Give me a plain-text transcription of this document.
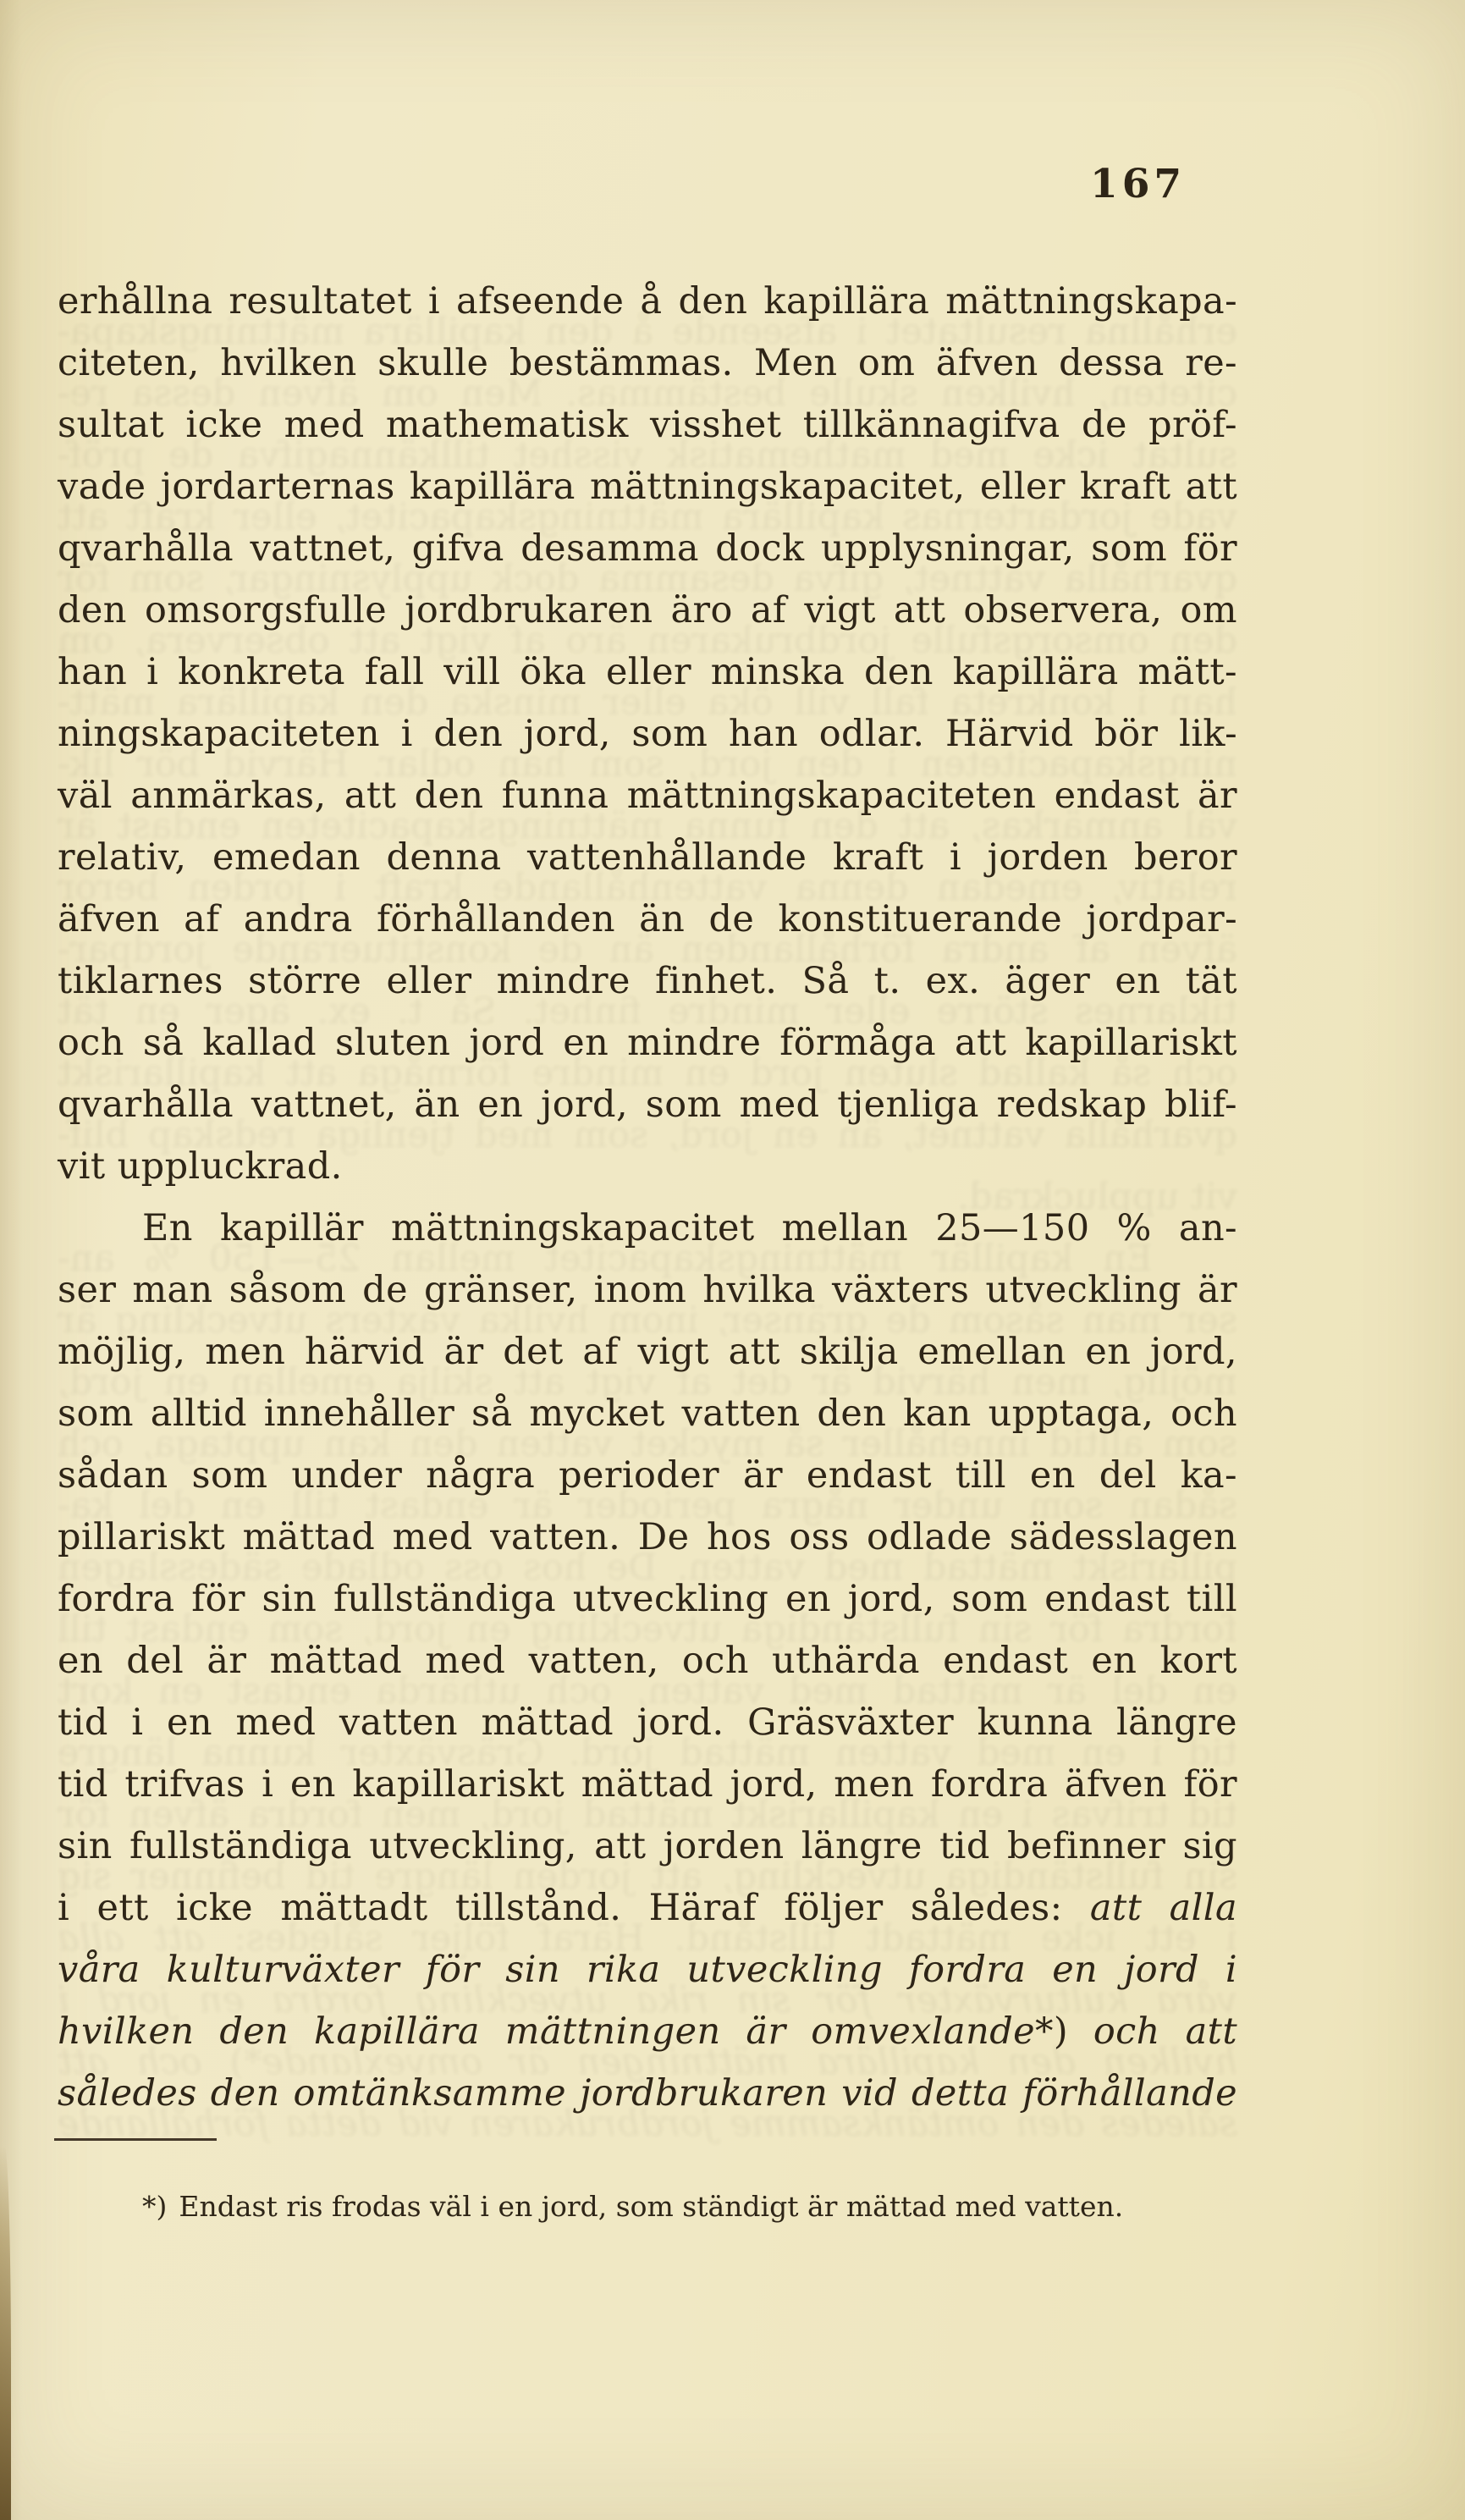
erhållna resultatet i afseende å den kapillära mättningskapa-
citeten, hvilken skulle bestämmas. Men om äfven dessa re-
sultat icke med mathematisk visshet tillkännagifva de pröf-
vade jordarternas kapillära mättningskapacitet, eller kraft att
qvarhålla vattnet, gifva desamma dock upplysningar, som för
den omsorgsfulle jordbrukaren äro af vigt att observera, om
han i konkreta fall vill öka eller minska den kapillära mätt-
ningskapaciteten i den jord, som han odlar. Härvid bör lik-
väl anmärkas, att den funna mättningskapaciteten endast är
relativ, emedan denna vattenhållande kraft i jorden beror
äfven af andra förhållanden än de konstituerande jordpar-
tiklarnes större eller mindre finhet. Så t. ex. äger en tät
och så kallad sluten jord en mindre förmåga att kapillariskt
qvarhålla vattnet, än en jord, som med tjenliga redskap blif-
vit uppluckrad.
En kapillär mättningskapacitet mellan 25—150 % an-
ser man såsom de gränser, inom hvilka växters utveckling är
möjlig, men härvid är det af vigt att skilja emellan en jord,
som alltid innehåller så mycket vatten den kan upptaga, och
sådan som under några perioder är endast till en del ka-
pillariskt mättad med vatten. De hos oss odlade sädesslagen
fordra för sin fullständiga utveckling en jord, som endast till
en del är mättad med vatten, och uthärda endast en kort
tid i en med vatten mättad jord. Gräsväxter kunna längre
tid trifvas i en kapillariskt mättad jord, men fordra äfven för
sin fullständiga utveckling, att jorden längre tid befinner sig
i ett icke mättadt tillstånd. Häraf följer således: att alla
våra kulturväxter för sin rika utveckling fordra en jord i
hvilken den kapillära mättningen är omvexlande*) och att
således den omtänksamme jordbrukaren vid detta förhållande
167
erhållna resultatet i afseende å den kapillära mättningskapa-
citeten, hvilken skulle bestämmas. Men om äfven dessa re-
sultat icke med mathematisk visshet tillkännagifva de pröf-
vade jordarternas kapillära mättningskapacitet, eller kraft att
qvarhålla vattnet, gifva desamma dock upplysningar, som för
den omsorgsfulle jordbrukaren äro af vigt att observera, om
han i konkreta fall vill öka eller minska den kapillära mätt-
ningskapaciteten i den jord, som han odlar. Härvid bör lik-
väl anmärkas, att den funna mättningskapaciteten endast är
relativ, emedan denna vattenhållande kraft i jorden beror
äfven af andra förhållanden än de konstituerande jordpar-
tiklarnes större eller mindre finhet. Så t. ex. äger en tät
och så kallad sluten jord en mindre förmåga att kapillariskt
qvarhålla vattnet, än en jord, som med tjenliga redskap blif-
vit uppluckrad.
En kapillär mättningskapacitet mellan 25—150 % an-
ser man såsom de gränser, inom hvilka växters utveckling är
möjlig, men härvid är det af vigt att skilja emellan en jord,
som alltid innehåller så mycket vatten den kan upptaga, och
sådan som under några perioder är endast till en del ka-
pillariskt mättad med vatten. De hos oss odlade sädesslagen
fordra för sin fullständiga utveckling en jord, som endast till
en del är mättad med vatten, och uthärda endast en kort
tid i en med vatten mättad jord. Gräsväxter kunna längre
tid trifvas i en kapillariskt mättad jord, men fordra äfven för
sin fullständiga utveckling, att jorden längre tid befinner sig
i ett icke mättadt tillstånd. Häraf följer således: att alla
våra kulturväxter för sin rika utveckling fordra en jord i
hvilken den kapillära mättningen är omvexlande*) och att
således den omtänksamme jordbrukaren vid detta förhållande
*) Endast ris frodas väl i en jord, som ständigt är mättad med vatten.
